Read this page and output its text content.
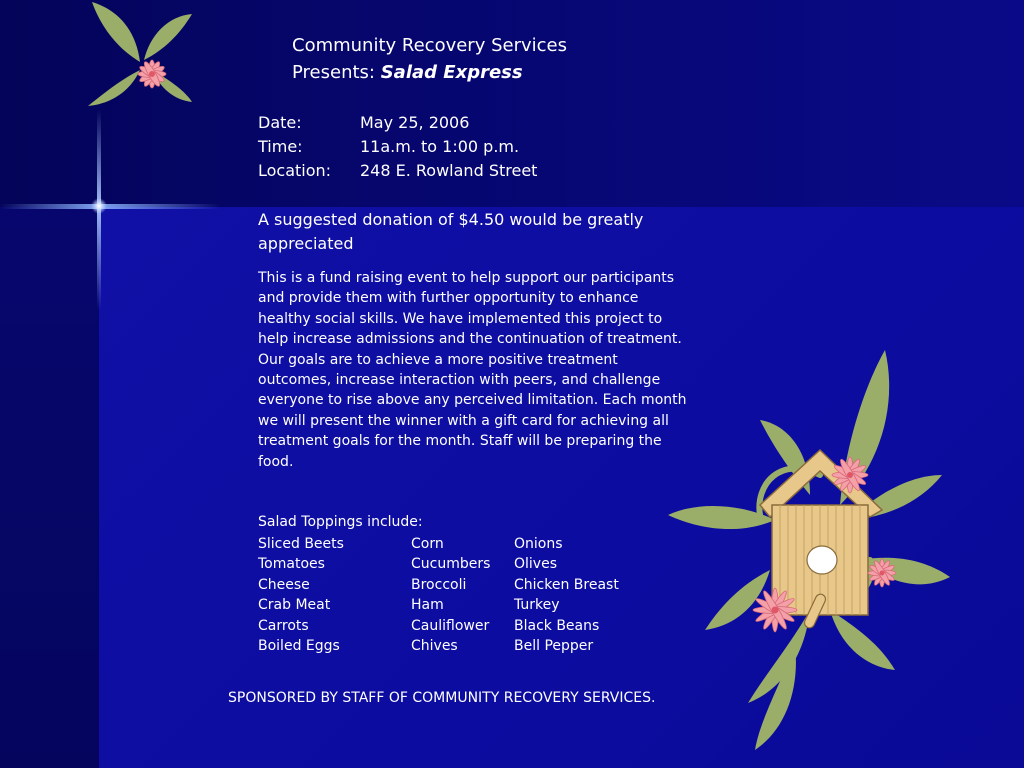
Community Recovery Services
Presents: Salad Express
Date:	May 25, 2006
Time:	11a.m. to 1:00 p.m.
Location: 248 E. Rowland Street
A suggested donation of $4.50 would be greatly appreciated
This is a fund raising event to help support our participants and provide them with further opportunity to enhance healthy social skills. We have implemented this project to help increase admissions and the continuation of treatment. Our goals are to achieve a more positive treatment outcomes, increase interaction with peers, and challenge everyone to rise above any perceived limitation. Each month we will present the winner with a gift card for achieving all treatment goals for the month. Staff will be preparing the food.
Salad Toppings include:
Sliced Beets
Tomatoes
Cheese
Crab Meat
Carrots
Boiled Eggs
Corn
Cucumbers
Broccoli
Ham
Cauliflower
Chives
Onions
Olives
Chicken Breast
Turkey
Black Beans
Bell Pepper
SPONSORED BY STAFF OF COMMUNITY RECOVERY SERVICES.
